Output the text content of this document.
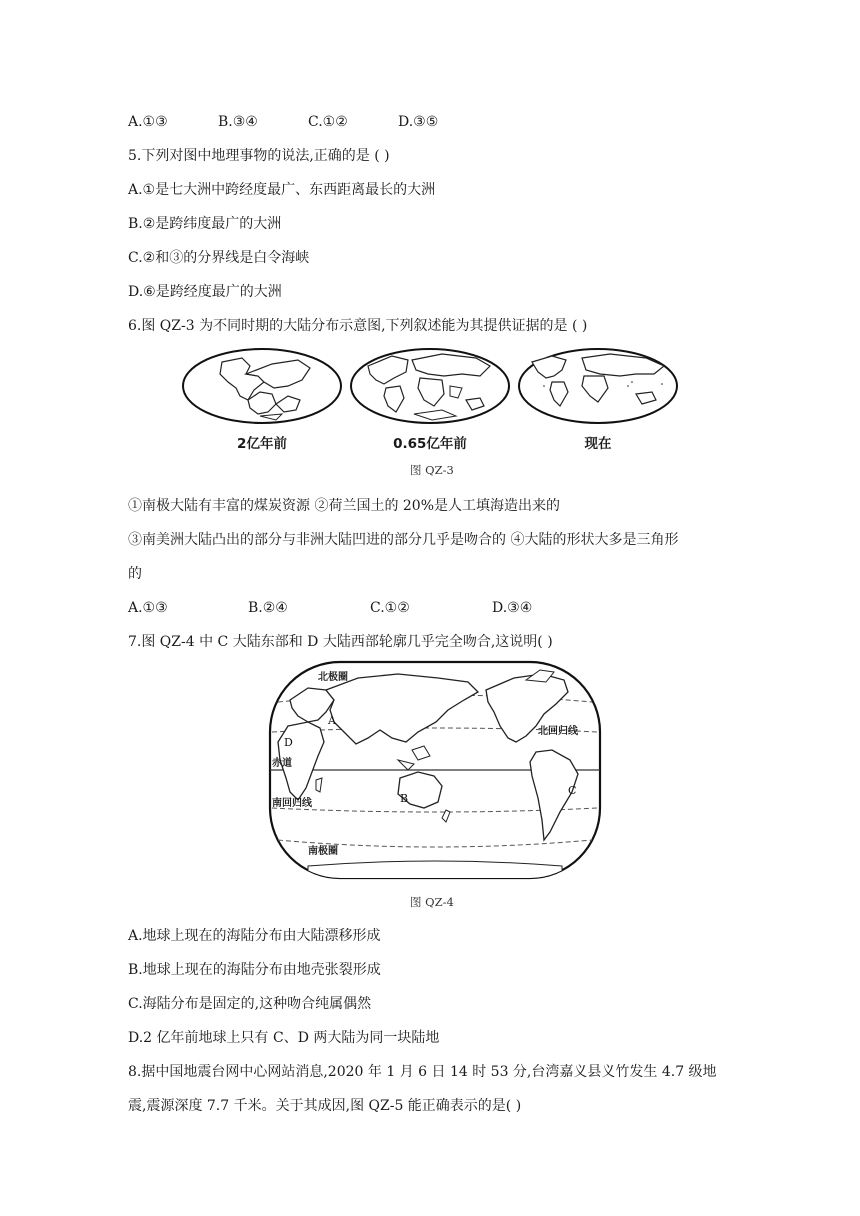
A.①③	B.③④	C.①②	D.③⑤
5.下列对图中地理事物的说法,正确的是 ( )
A.①是七大洲中跨经度最广、东西距离最长的大洲
B.②是跨纬度最广的大洲
C.②和③的分界线是白令海峡
D.⑥是跨经度最广的大洲
6.图 QZ-3 为不同时期的大陆分布示意图,下列叙述能为其提供证据的是 ( )
2亿年前	0.65亿年前	现在
图 QZ-3
①南极大陆有丰富的煤炭资源 ②荷兰国土的 20%是人工填海造出来的
③南美洲大陆凸出的部分与非洲大陆凹进的部分几乎是吻合的 ④大陆的形状大多是三角形
的
A.①③	B.②④	C.①②	D.③④
7.图 QZ-4 中 C 大陆东部和 D 大陆西部轮廓几乎完全吻合,这说明( )
北极圈
北回归线
赤道
南回归线
南极圈
A
B
C
D
图 QZ-4
A.地球上现在的海陆分布由大陆漂移形成
B.地球上现在的海陆分布由地壳张裂形成
C.海陆分布是固定的,这种吻合纯属偶然
D.2 亿年前地球上只有 C、D 两大陆为同一块陆地
8.据中国地震台网中心网站消息,2020 年 1 月 6 日 14 时 53 分,台湾嘉义县义竹发生 4.7 级地
震,震源深度 7.7 千米。关于其成因,图 QZ-5 能正确表示的是( )
